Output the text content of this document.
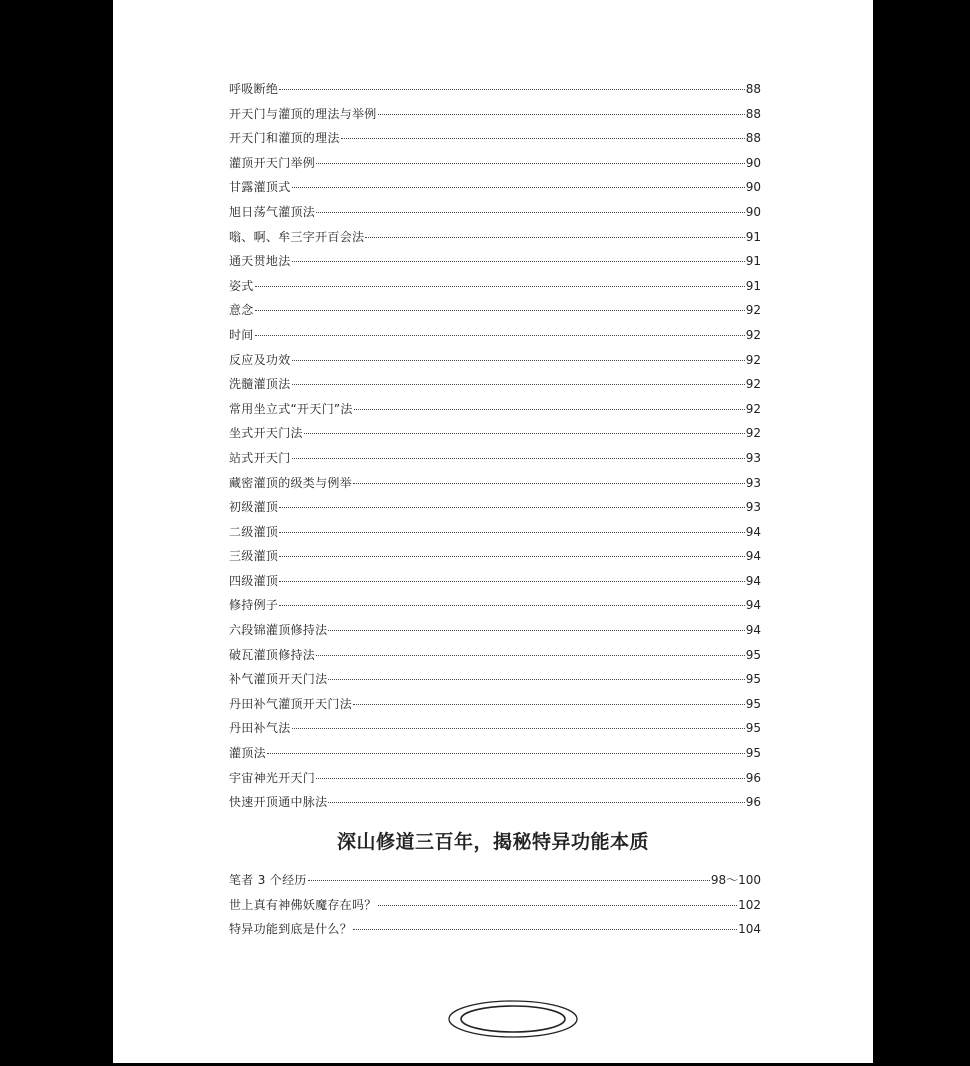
呼吸断绝	88
开天门与灌顶的理法与举例	88
开天门和灌顶的理法	88
灌顶开天门举例	90
甘露灌顶式	90
旭日荡气灌顶法	90
嗡、啊、牟三字开百会法	91
通天贯地法	91
姿式	91
意念	92
时间	92
反应及功效	92
洗髓灌顶法	92
常用坐立式“开天门”法	92
坐式开天门法	92
站式开天门	93
藏密灌顶的级类与例举	93
初级灌顶	93
二级灌顶	94
三级灌顶	94
四级灌顶	94
修持例子	94
六段锦灌顶修持法	94
破瓦灌顶修持法	95
补气灌顶开天门法	95
丹田补气灌顶开天门法	95
丹田补气法	95
灌顶法	95
宇宙神光开天门	96
快速开顶通中脉法	96
深山修道三百年，揭秘特异功能本质
笔者 3 个经历	98～100
世上真有神佛妖魔存在吗？	102
特异功能到底是什么？	104
